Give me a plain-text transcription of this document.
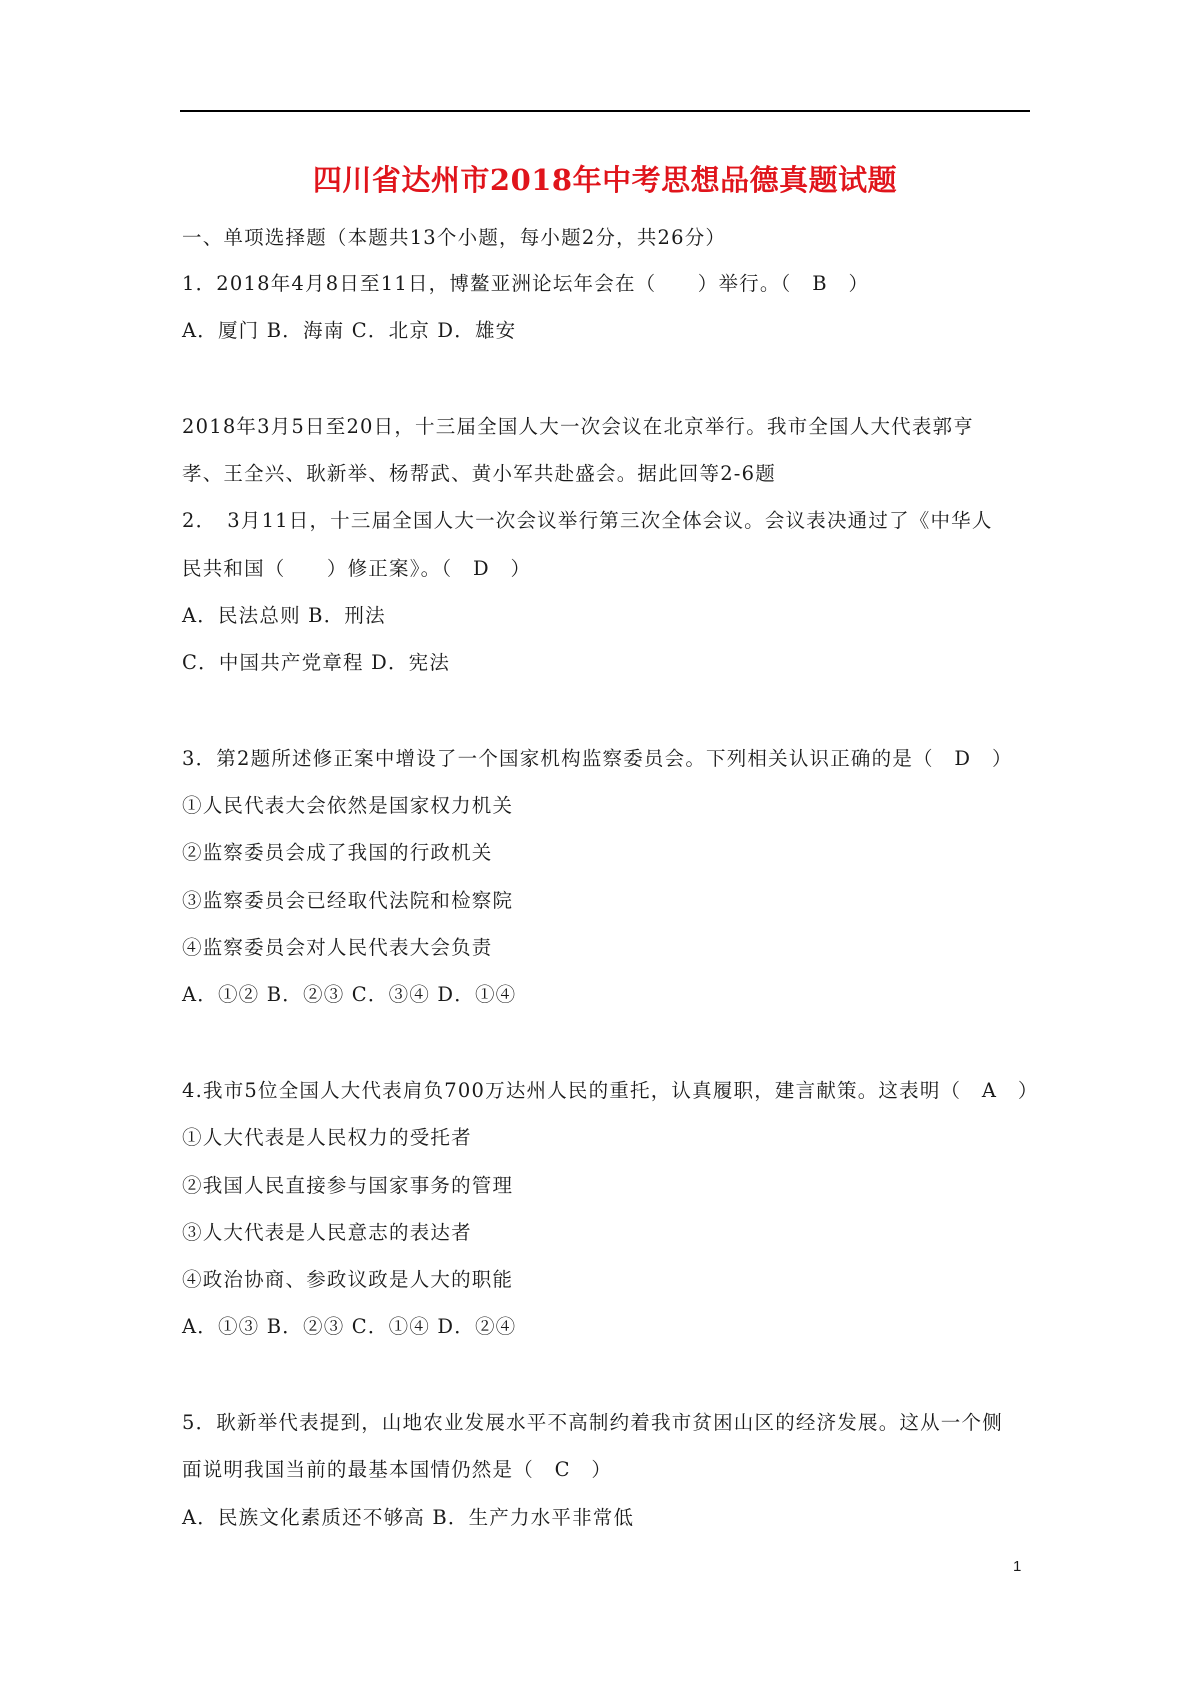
四川省达州市2018年中考思想品德真题试题
一、单项选择题（本题共13个小题，每小题2分，共26分）
1．2018年4月8日至11日，博鳌亚洲论坛年会在（　　）举行。（　B　）
A．厦门 B．海南 C．北京 D．雄安
2018年3月5日至20日，十三届全国人大一次会议在北京举行。我市全国人大代表郭亨
孝、王全兴、耿新举、杨帮武、黄小军共赴盛会。据此回等2-6题
2．　3月11日，十三届全国人大一次会议举行第三次全体会议。会议表决通过了《中华人
民共和国（　　）修正案》。（　D　）
A．民法总则 B．刑法
C．中国共产党章程 D．宪法
3．第2题所述修正案中增设了一个国家机构监察委员会。下列相关认识正确的是（　D　）
①人民代表大会依然是国家权力机关
②监察委员会成了我国的行政机关
③监察委员会已经取代法院和检察院
④监察委员会对人民代表大会负责
A．①② B．②③ C．③④ D．①④
4.我市5位全国人大代表肩负700万达州人民的重托，认真履职，建言献策。这表明（　A　）
①人大代表是人民权力的受托者
②我国人民直接参与国家事务的管理
③人大代表是人民意志的表达者
④政治协商、参政议政是人大的职能
A．①③ B．②③ C．①④ D．②④
5．耿新举代表提到，山地农业发展水平不高制约着我市贫困山区的经济发展。这从一个侧
面说明我国当前的最基本国情仍然是（　C　）
A．民族文化素质还不够高 B．生产力水平非常低
1
